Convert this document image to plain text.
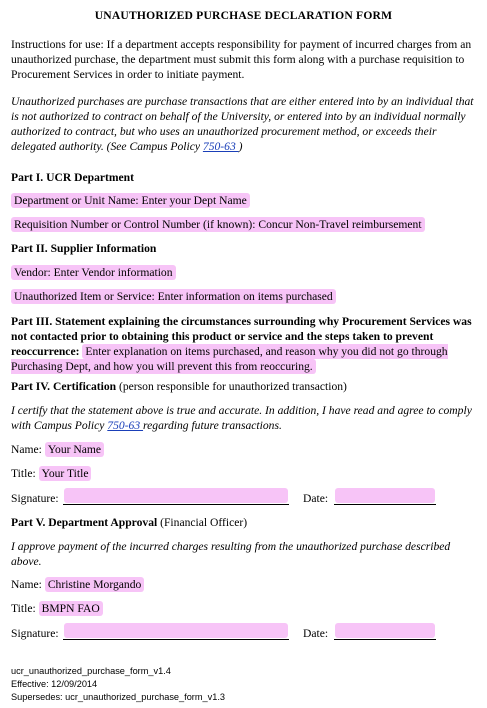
UNAUTHORIZED PURCHASE DECLARATION FORM
Instructions for use: If a department accepts responsibility for payment of incurred charges from an unauthorized purchase, the department must submit this form along with a purchase requisition to Procurement Services in order to initiate payment.
Unauthorized purchases are purchase transactions that are either entered into by an individual that is not authorized to contract on behalf of the University, or entered into by an individual normally authorized to contract, but who uses an unauthorized procurement method, or exceeds their delegated authority. (See Campus Policy 750-63 )
Part I. UCR Department
Department or Unit Name: Enter your Dept Name
Requisition Number or Control Number (if known): Concur Non-Travel reimbursement
Part II. Supplier Information
Vendor: Enter Vendor information
Unauthorized Item or Service: Enter information on items purchased
Part III. Statement explaining the circumstances surrounding why Procurement Services was not contacted prior to obtaining this product or service and the steps taken to prevent reoccurrence: Enter explanation on items purchased, and reason why you did not go through Purchasing Dept, and how you will prevent this from reoccuring.
Part IV. Certification (person responsible for unauthorized transaction)
I certify that the statement above is true and accurate. In addition, I have read and agree to comply with Campus Policy 750-63 regarding future transactions.
Name: Your Name
Title: Your Title
Signature:	Date:
Part V. Department Approval (Financial Officer)
I approve payment of the incurred charges resulting from the unauthorized purchase described above.
Name: Christine Morgando
Title: BMPN FAO
Signature:	Date:
ucr_unauthorized_purchase_form_v1.4
Effective: 12/09/2014
Supersedes: ucr_unauthorized_purchase_form_v1.3
